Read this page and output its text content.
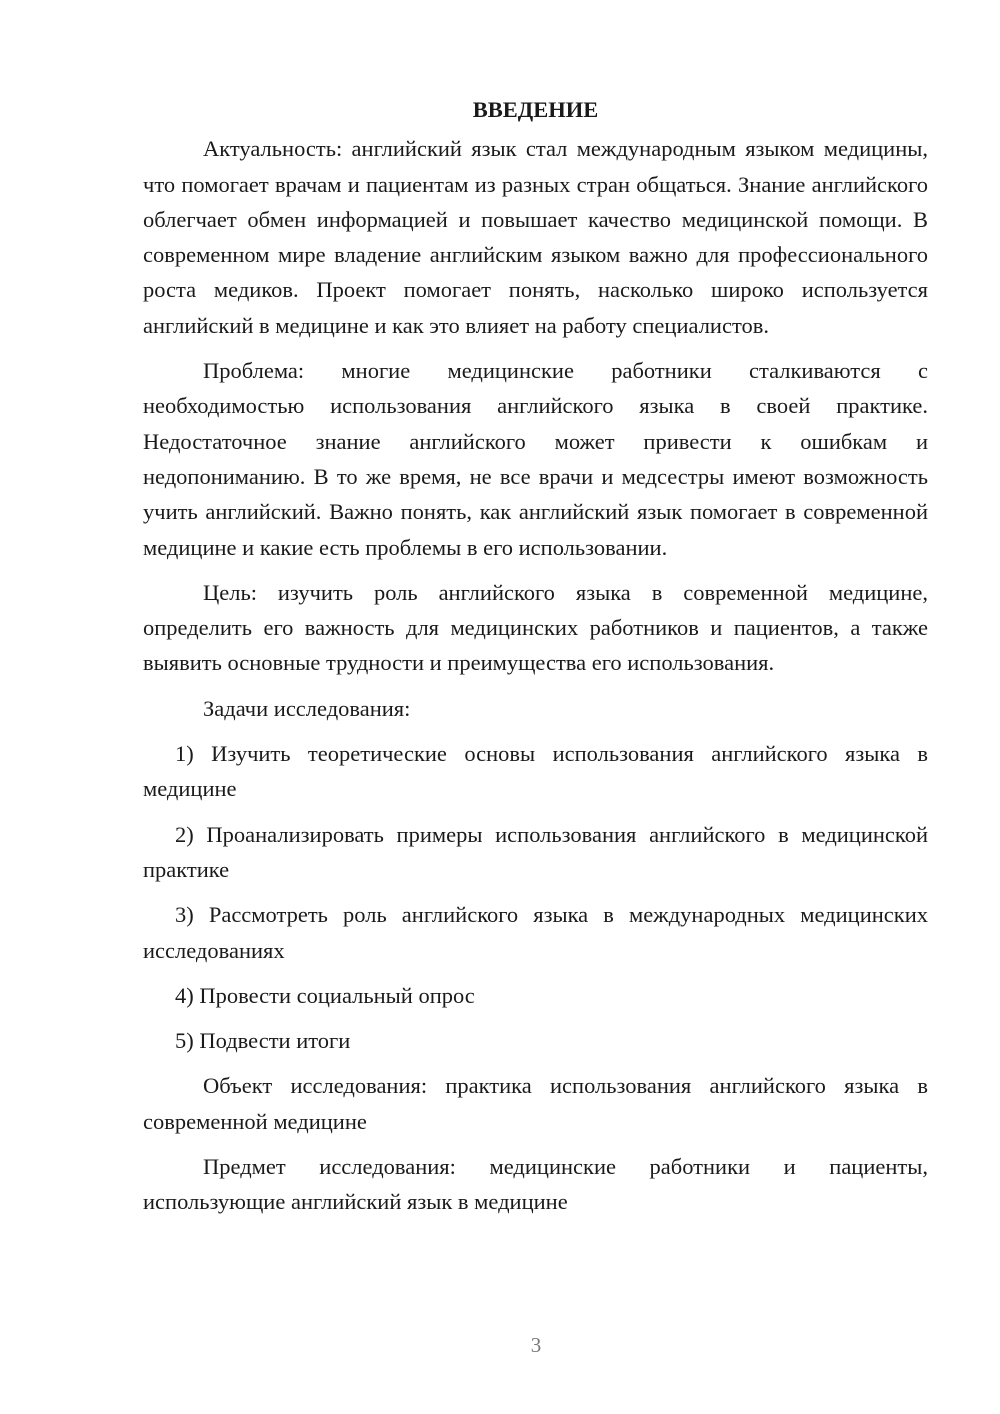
ВВЕДЕНИЕ

Актуальность: английский язык стал международным языком медицины, что помогает врачам и пациентам из разных стран общаться. Знание английского облегчает обмен информацией и повышает качество медицинской помощи. В современном мире владение английским языком важно для профессионального роста медиков. Проект помогает понять, насколько широко используется английский в медицине и как это влияет на работу специалистов.

Проблема: многие медицинские работники сталкиваются с необходимостью использования английского языка в своей практике. Недостаточное знание английского может привести к ошибкам и недопониманию. В то же время, не все врачи и медсестры имеют возможность учить английский. Важно понять, как английский язык помогает в современной медицине и какие есть проблемы в его использовании.

Цель: изучить роль английского языка в современной медицине, определить его важность для медицинских работников и пациентов, а также выявить основные трудности и преимущества его использования.

Задачи исследования:

1) Изучить теоретические основы использования английского языка в медицине

2) Проанализировать примеры использования английского в медицинской практике

3) Рассмотреть роль английского языка в международных медицинских исследованиях

4) Провести социальный опрос

5) Подвести итоги

Объект исследования: практика использования английского языка в современной медицине

Предмет исследования: медицинские работники и пациенты, использующие английский язык в медицине

3
